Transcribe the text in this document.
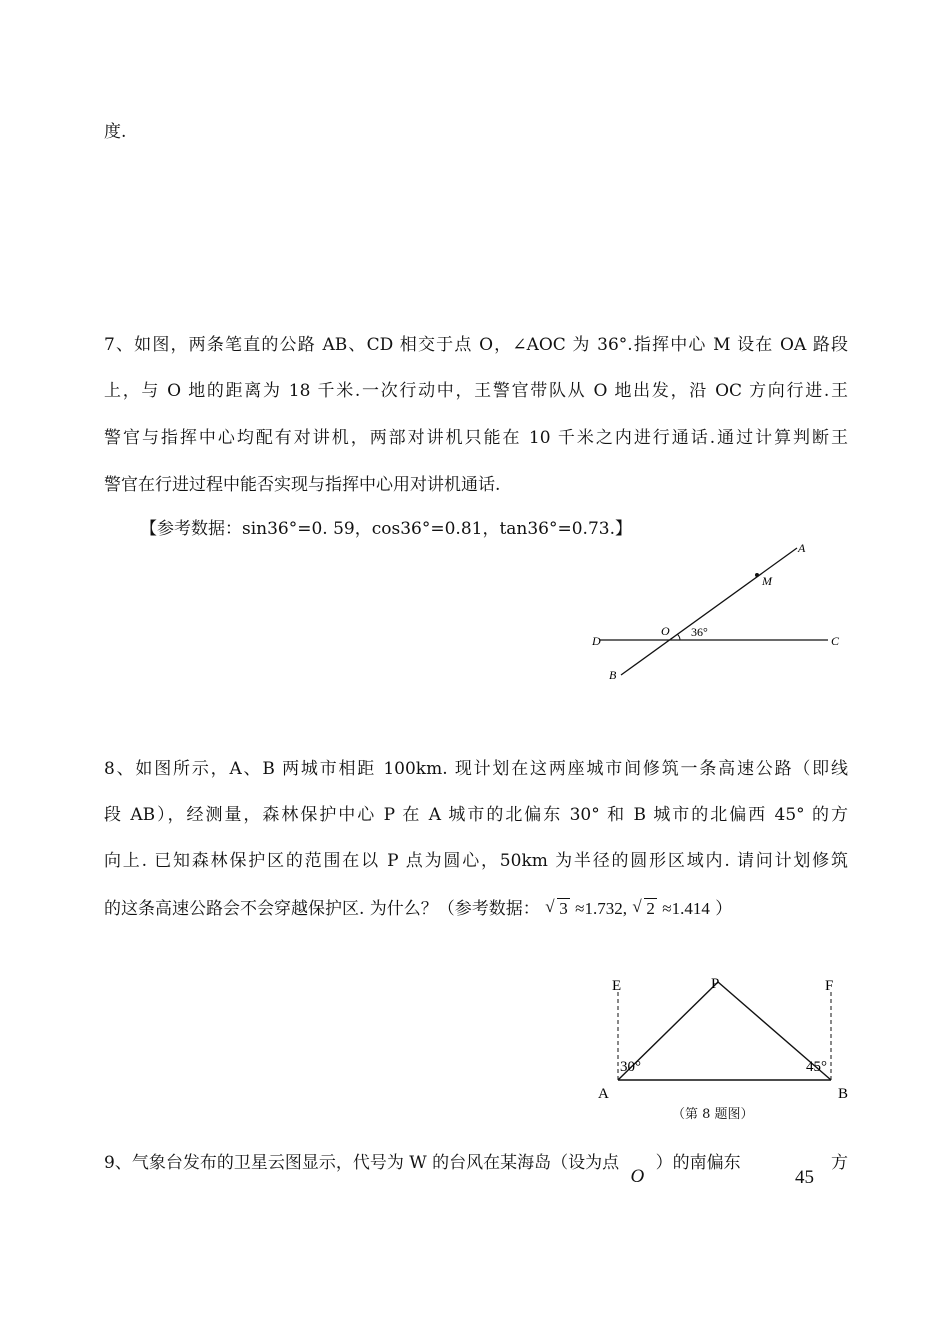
度.
7、如图，两条笔直的公路 AB、CD 相交于点 O，∠AOC 为 36°.指挥中心 M 设在 OA 路段
上，与 O 地的距离为 18 千米.一次行动中，王警官带队从 O 地出发，沿 OC 方向行进.王
警官与指挥中心均配有对讲机，两部对讲机只能在 10 千米之内进行通话.通过计算判断王
警官在行进过程中能否实现与指挥中心用对讲机通话.
【参考数据：sin36°=0. 59，cos36°=0.81，tan36°=0.73.】
A
M
O 36°
D	C
B
8、如图所示，A、B 两城市相距 100km. 现计划在这两座城市间修筑一条高速公路（即线
段 AB），经测量，森林保护中心 P 在 A 城市的北偏东 30° 和 B 城市的北偏西 45° 的方
向上. 已知森林保护区的范围在以 P 点为圆心，50km 为半径的圆形区域内. 请问计划修筑
的这条高速公路会不会穿越保护区. 为什么？（参考数据： √ 3 ≈1.732, √ 2 ≈1.414 ）
E	P	F
30°	45°
A	B
（第 8 题图）
9、气象台发布的卫星云图显示，代号为 W 的台风在某海岛（设为点 O ）的南偏东
45
方
